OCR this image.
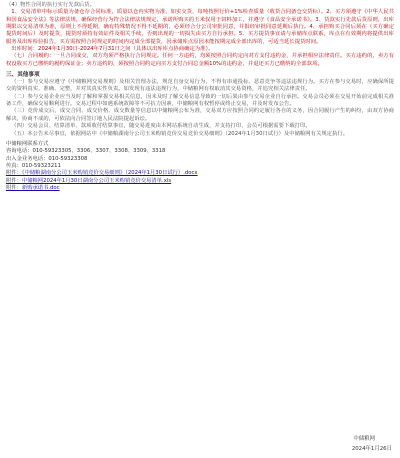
（4）物性合同的执行实行先款后货。

1、交易清单中标示质量为备仓存合同标准，质量以仓内实物为准，如实交货，每吨按照行价+1%检查质量（收货合同备仓交货标）。2、买方须遵守《中华人民共和国食品安全法》等法律法规，确保经营行为符合法律法规规定，承诺所购买的玉米仅用于饲料加工，并遵守《食品安全承诺书》。3、货款实行先款后货原则，出库期限以交易清单为准，原则上不得延期，确有特殊情况不得不延期的，必须经合分公司审批同意，并报经审批同意延期后执行。4、承担购买合同后须在（买方确定提货时间后）及时提货，提货时须持有效证件及相关手续，否则出现的一切损失由买方自行承担。5、买方提货事宜请与承储库点联系，库点在有效期内将提供出库服务及出库检验报告，买方需按照合同规定的时间内完成全部提货，因承储库点原因未能按期完成全部出库的，可适当延长提货时间。

出库时间：2024年1月30日-2024年7月31日之间（具体以出库库点协商确定为准）。

（七）合同履约：一旦合同成交，双方均须严格执行合同规定。任何一方违约，均须按照合同约定向对方支付违约金，并承担相应法律责任。买方违约的，卖方有权没收买方已缴纳的履约保证金；卖方违约的，须按照合同约定向买方支付合同总金额10%的违约金，并退还买方已缴纳的全部款项。

三、其他事项

（一）参与交易应遵守《中储粮网交易规则》及相关管理办法，规范自身交易行为，不得有串通投标、恶意竞争等违法违规行为。买方在参与交易时，应确保所提交的资料真实、准确、完整，并对其真实性负责。如发现有违法违规行为，中储粮网有权取消其交易资格，并追究相关法律责任。

（二）参与交易企业应当及时了解和掌握交易相关信息，因未及时了解交易信息导致的一切后果由参与交易企业自行承担。交易会员必须在交易开始前完成相关准备工作，确保交易顺利进行。交易过程中如遇系统故障等不可抗力因素，中储粮网有权暂停或终止交易，并及时发布公告。

（三）竞价成交后，成交合同、成交价格、成交数量等信息以中储粮网公布为准，交易双方应按照合同约定履行各自的义务，因合同履行产生的纠纷，由双方协商解决，协商不成的，可依法向合同签订地人民法院提起诉讼。

（四）交易会员、结算清单、款项收付结算事宜，随交易进度由本网站系统自动生成，并支持打印，会员可根据需要下载打印。

（五）本公告未尽事宜，依据网站中《中储粮湖南分公司玉米购销竞价交易竞价交易细则》（2024年1月30日试行）及中储粮网有关规定执行。

中储粮网联系方式

咨询电话：010-59323305、3306、3307、3308、3309、3318

出入金业务电话：010-59323308

传真：010-59323211

附件：《中储粮湖南分公司玉米购销竞价交易细则》（2024年1月30日试行）.docx

附件：中储粮网2024年1月30日湖南分公司玉米购销竞价交易清单.xls

附件：新购承诺书.doc

中储粮网
2024年1月26日
